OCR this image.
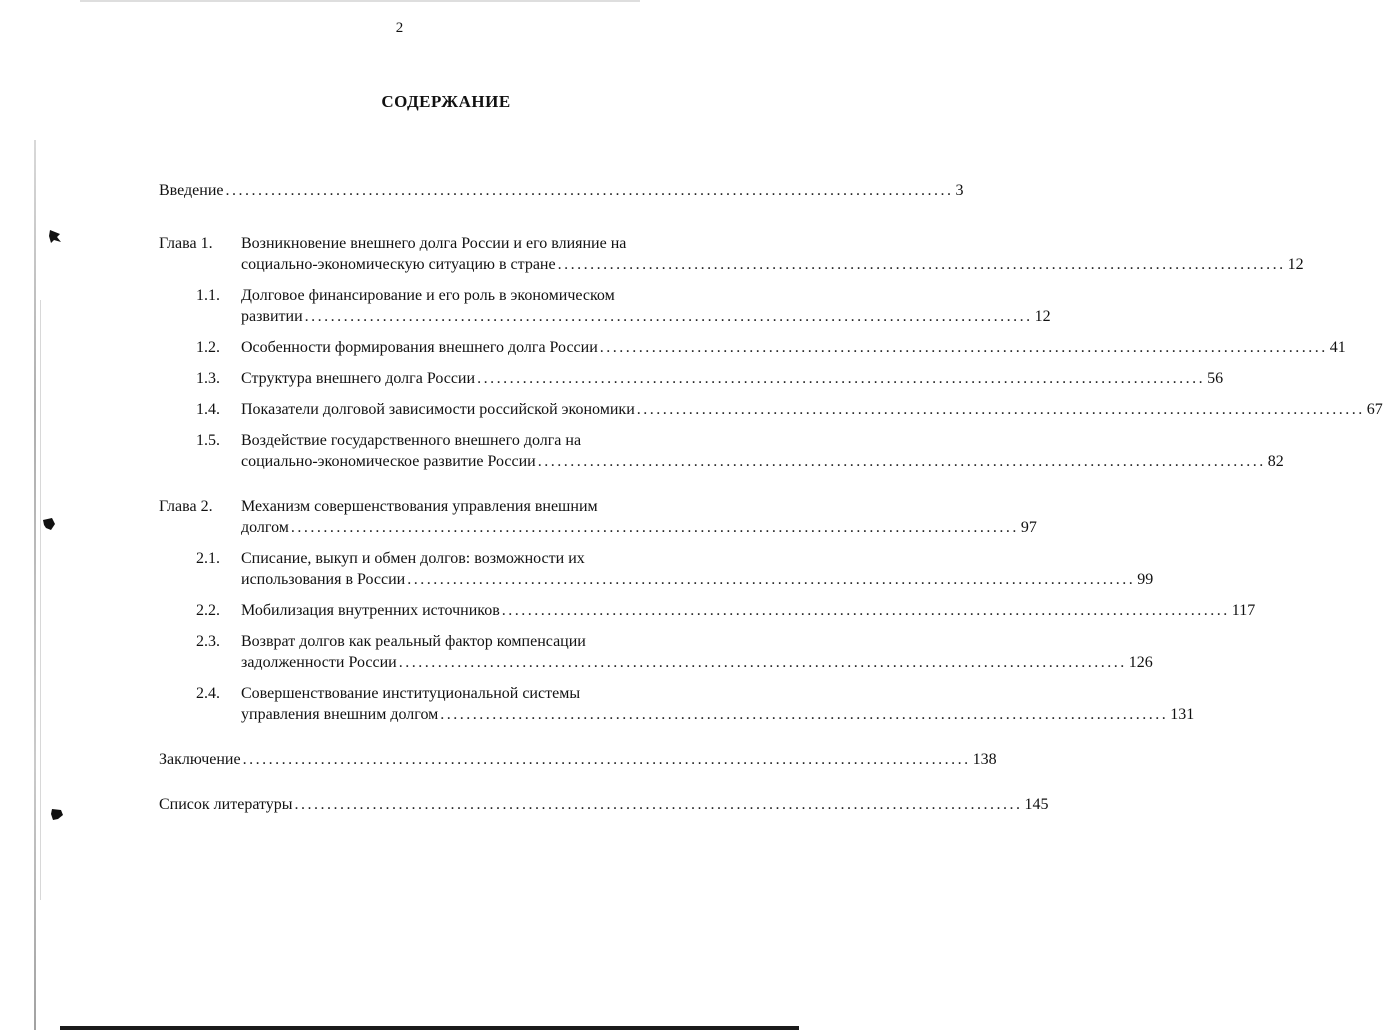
2
СОДЕРЖАНИЕ
Введение ................................................................................................................ 3
Глава 1. Возникновение внешнего долга России и его влияние на
социально-экономическую ситуацию в стране ................................................................................................................ 12
1.1. Долговое финансирование и его роль в экономическом
развитии ................................................................................................................ 12
1.2. Особенности формирования внешнего долга России ................................................................................................................ 41
1.3. Структура внешнего долга России ................................................................................................................ 56
1.4. Показатели долговой зависимости российской экономики ................................................................................................................ 67
1.5. Воздействие государственного внешнего долга на
социально-экономическое развитие России ................................................................................................................ 82
Глава 2. Механизм совершенствования управления внешним
долгом ................................................................................................................ 97
2.1. Списание, выкуп и обмен долгов: возможности их
использования в России ................................................................................................................ 99
2.2. Мобилизация внутренних источников ................................................................................................................ 117
2.3. Возврат долгов как реальный фактор компенсации
задолженности России ................................................................................................................ 126
2.4. Совершенствование институциональной системы
управления внешним долгом ................................................................................................................ 131
Заключение ................................................................................................................ 138
Список литературы ................................................................................................................ 145
